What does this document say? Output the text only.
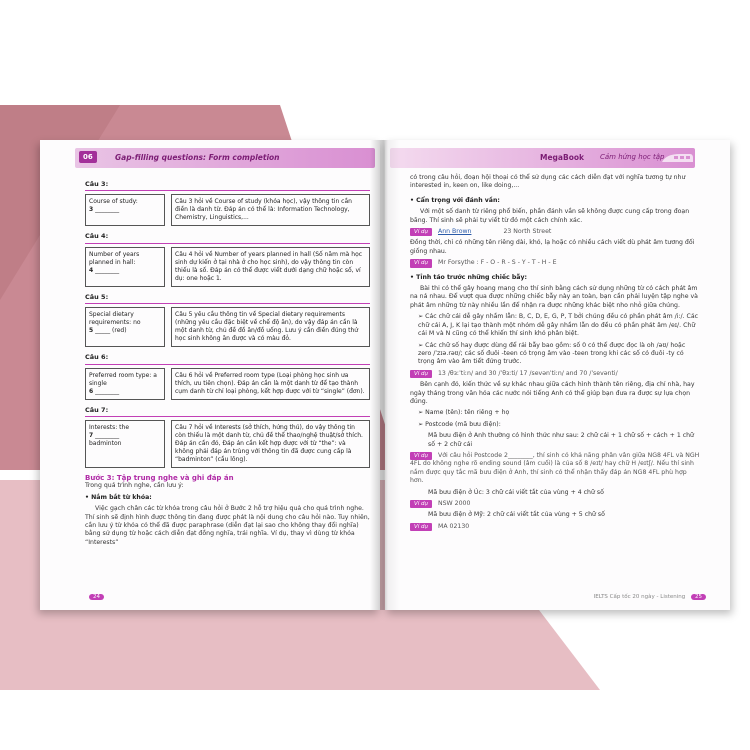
06	Gap-filling questions: Form completion
Câu 3:
Course of study:
3 ________
Câu 3 hỏi về Course of study (khóa học), vậy thông tin cần điền là danh từ. Đáp án có thể là: Information Technology, Chemistry, Linguistics,...
Câu 4:
Number of years planned in hall:
4 ________
Câu 4 hỏi về Number of years planned in hall (Số năm mà học sinh dự kiến ở tại nhà ở cho học sinh), do vậy thông tin còn thiếu là số. Đáp án có thể được viết dưới dạng chữ hoặc số, ví dụ: one hoặc 1.
Câu 5:
Special dietary requirements: no
5 _____ (red)
Câu 5 yêu cầu thông tin về Special dietary requirements (những yêu cầu đặc biệt về chế độ ăn), do vậy đáp án cần là một danh từ, chủ đề đồ ăn/đồ uống. Lưu ý cần điền đúng thứ học sinh không ăn được và có màu đỏ.
Câu 6:
Preferred room type: a single
6 ________
Câu 6 hỏi về Preferred room type (Loại phòng học sinh ưa thích, ưu tiên chọn). Đáp án cần là một danh từ để tạo thành cụm danh từ chỉ loại phòng, kết hợp được với từ “single” (đơn).
Câu 7:
Interests: the
7 ________
badminton
Câu 7 hỏi về Interests (sở thích, hứng thú), do vậy thông tin còn thiếu là một danh từ, chủ đề thể thao/nghệ thuật/sở thích. Đáp án cần đó, Đáp án cần kết hợp được với từ “the”: và không phải đáp án trùng với thông tin đã được cung cấp là “badminton” (cầu lông).
Bước 3: Tập trung nghe và ghi đáp án
Trong quá trình nghe, cần lưu ý:
• Nắm bắt từ khóa:
Việc gạch chân các từ khóa trong câu hỏi ở Bước 2 hỗ trợ hiệu quả cho quá trình nghe. Thí sinh sẽ định hình được thông tin đang được phát là nội dung cho câu hỏi nào. Tuy nhiên, cần lưu ý từ khóa có thể đã được paraphrase (diễn đạt lại sao cho không thay đổi nghĩa) bằng sử dụng từ hoặc cách diễn đạt đồng nghĩa, trái nghĩa. Ví dụ, thay vì dùng từ khóa “Interests”
24
MegaBook Cảm hứng học tập
có trong câu hỏi, đoạn hội thoại có thể sử dụng các cách diễn đạt với nghĩa tương tự như interested in, keen on, like doing,...
• Cẩn trọng với đánh vần:
Với một số danh từ riêng phổ biến, phần đánh vần sẽ không được cung cấp trong đoạn băng. Thí sinh sẽ phải tự viết từ đó một cách chính xác.
Ví dụ Ann Brown	23 North Street
Đồng thời, chỉ có những tên riêng dài, khó, lạ hoặc có nhiều cách viết dù phát âm tương đối giống nhau.
Ví dụ Mr Forsythe : F - O - R - S - Y - T - H - E
• Tỉnh táo trước những chiếc bẫy:
Bài thi có thể gây hoang mang cho thí sinh bằng cách sử dụng những từ có cách phát âm na ná nhau. Để vượt qua được những chiếc bẫy này an toàn, bạn cần phải luyện tập nghe và phát âm những từ này nhiều lần để nhận ra được những khác biệt nho nhỏ giữa chúng.
➢ Các chữ cái dễ gây nhầm lẫn: B, C, D, E, G, P, T bởi chúng đều có phần phát âm /i:/. Các chữ cái A, J, K lại tạo thành một nhóm dễ gây nhầm lẫn do đều có phần phát âm /eɪ/. Chữ cái M và N cũng có thể khiến thí sinh khó phân biệt.
➢ Các chữ số hay được dùng để rải bẫy bao gồm: số 0 có thể được đọc là oh /əʊ/ hoặc zero /ˈzɪə.rəʊ/; các số đuôi -teen có trọng âm vào -teen trong khi các số có đuôi -ty có trọng âm vào âm tiết đứng trước.
Ví dụ 13 /θɜːˈtiːn/ and 30 /ˈθɜːti/ 17 /sevənˈtiːn/ and 70 /ˈsevənti/
Bên cạnh đó, kiến thức về sự khác nhau giữa cách hình thành tên riêng, địa chỉ nhà, hay ngày tháng trong văn hóa các nước nói tiếng Anh có thể giúp bạn đưa ra được sự lựa chọn đúng.
➢ Name (tên): tên riêng + họ
➢ Postcode (mã bưu điện):
Mã bưu điện ở Anh thường có hình thức như sau: 2 chữ cái + 1 chữ số + cách + 1 chữ số + 2 chữ cái
Ví dụ Với câu hỏi Postcode 2________, thí sinh có khả năng phân vân giữa NG8 4FL và NGH 4FL do không nghe rõ ending sound (âm cuối) là của số 8 /eɪt/ hay chữ H /eɪtʃ/. Nếu thí sinh nắm được quy tắc mã bưu điện ở Anh, thí sinh có thể nhận thấy đáp án NG8 4FL phù hợp hơn.
Mã bưu điện ở Úc: 3 chữ cái viết tắt của vùng + 4 chữ số
Ví dụ NSW 2000
Mã bưu điện ở Mỹ: 2 chữ cái viết tắt của vùng + 5 chữ số
Ví dụ MA 02130
IELTS Cấp tốc 20 ngày - Listening 25
